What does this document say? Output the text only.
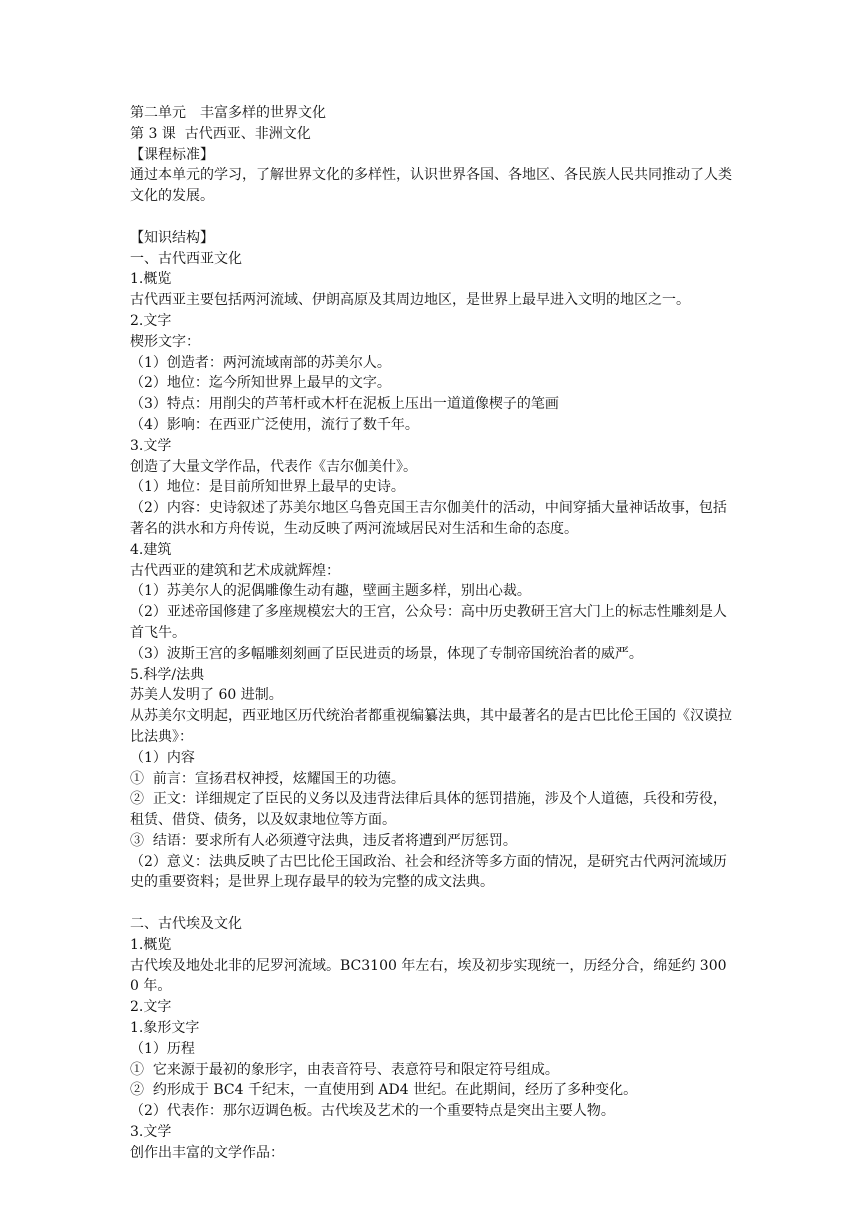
第二单元　丰富多样的世界文化

第 3 课  古代西亚、非洲文化

【课程标准】

通过本单元的学习，了解世界文化的多样性，认识世界各国、各地区、各民族人民共同推动了人类文化的发展。

【知识结构】

一、古代西亚文化

1.概览

古代西亚主要包括两河流域、伊朗高原及其周边地区，是世界上最早进入文明的地区之一。

2.文字

楔形文字：

（1）创造者：两河流域南部的苏美尔人。

（2）地位：迄今所知世界上最早的文字。

（3）特点：用削尖的芦苇杆或木杆在泥板上压出一道道像楔子的笔画

（4）影响：在西亚广泛使用，流行了数千年。

3.文学

创造了大量文学作品，代表作《吉尔伽美什》。

（1）地位：是目前所知世界上最早的史诗。

（2）内容：史诗叙述了苏美尔地区乌鲁克国王吉尔伽美什的活动，中间穿插大量神话故事，包括著名的洪水和方舟传说，生动反映了两河流域居民对生活和生命的态度。

4.建筑

古代西亚的建筑和艺术成就辉煌：

（1）苏美尔人的泥偶雕像生动有趣，壁画主题多样，别出心裁。

（2）亚述帝国修建了多座规模宏大的王宫，公众号：高中历史教研王宫大门上的标志性雕刻是人首飞牛。

（3）波斯王宫的多幅雕刻刻画了臣民进贡的场景，体现了专制帝国统治者的威严。

5.科学/法典

苏美人发明了 60 进制。

从苏美尔文明起，西亚地区历代统治者都重视编纂法典，其中最著名的是古巴比伦王国的《汉谟拉比法典》：

（1）内容

①  前言：宣扬君权神授，炫耀国王的功德。

②  正文：详细规定了臣民的义务以及违背法律后具体的惩罚措施，涉及个人道德，兵役和劳役，租赁、借贷、债务，以及奴隶地位等方面。

③  结语：要求所有人必须遵守法典，违反者将遭到严厉惩罚。

（2）意义：法典反映了古巴比伦王国政治、社会和经济等多方面的情况，是研究古代两河流域历史的重要资料；是世界上现存最早的较为完整的成文法典。

二、古代埃及文化

1.概览

古代埃及地处北非的尼罗河流域。BC3100 年左右，埃及初步实现统一，历经分合，绵延约 3000 年。

2.文字

1.象形文字

（1）历程

①  它来源于最初的象形字，由表音符号、表意符号和限定符号组成。

②  约形成于 BC4 千纪末，一直使用到 AD4 世纪。在此期间，经历了多种变化。

（2）代表作：那尔迈调色板。古代埃及艺术的一个重要特点是突出主要人物。

3.文学

创作出丰富的文学作品：
